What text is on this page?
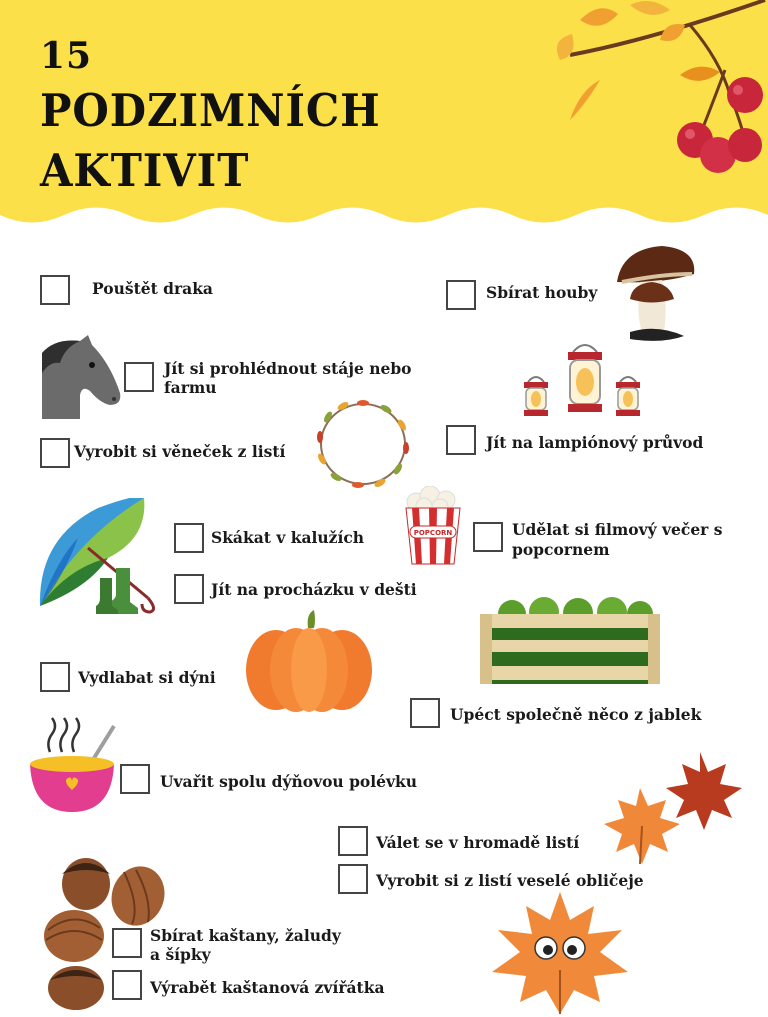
15
PODZIMNÍCH
AKTIVIT
POPCORN
Pouštět draka	Sbírat houby
Jít si prohlédnout stáje nebo
farmu
Vyrobit si věneček z listí	Jít na lampiónový průvod
Skákat v kalužích	Udělat si filmový večer s
popcornem
Jít na procházku v dešti
Vydlabat si dýni
Upéct společně něco z jablek
Uvařit spolu dýňovou polévku
Válet se v hromadě listí
Vyrobit si z listí veselé obličeje
Sbírat kaštany, žaludy
a šípky
Výrabět kaštanová zvířátka
